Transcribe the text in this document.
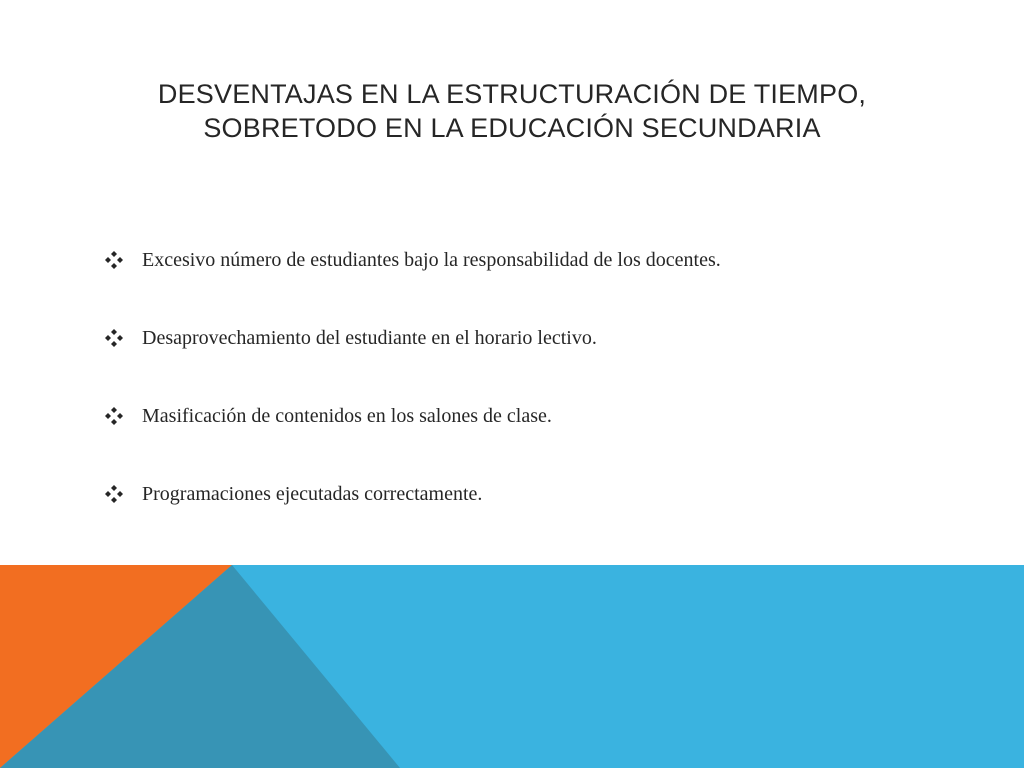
DESVENTAJAS EN LA ESTRUCTURACIÓN DE TIEMPO,
SOBRETODO EN LA EDUCACIÓN SECUNDARIA
Excesivo número de estudiantes bajo la responsabilidad de los docentes.
Desaprovechamiento del estudiante en el horario lectivo.
Masificación de contenidos en los salones de clase.
Programaciones ejecutadas correctamente.
